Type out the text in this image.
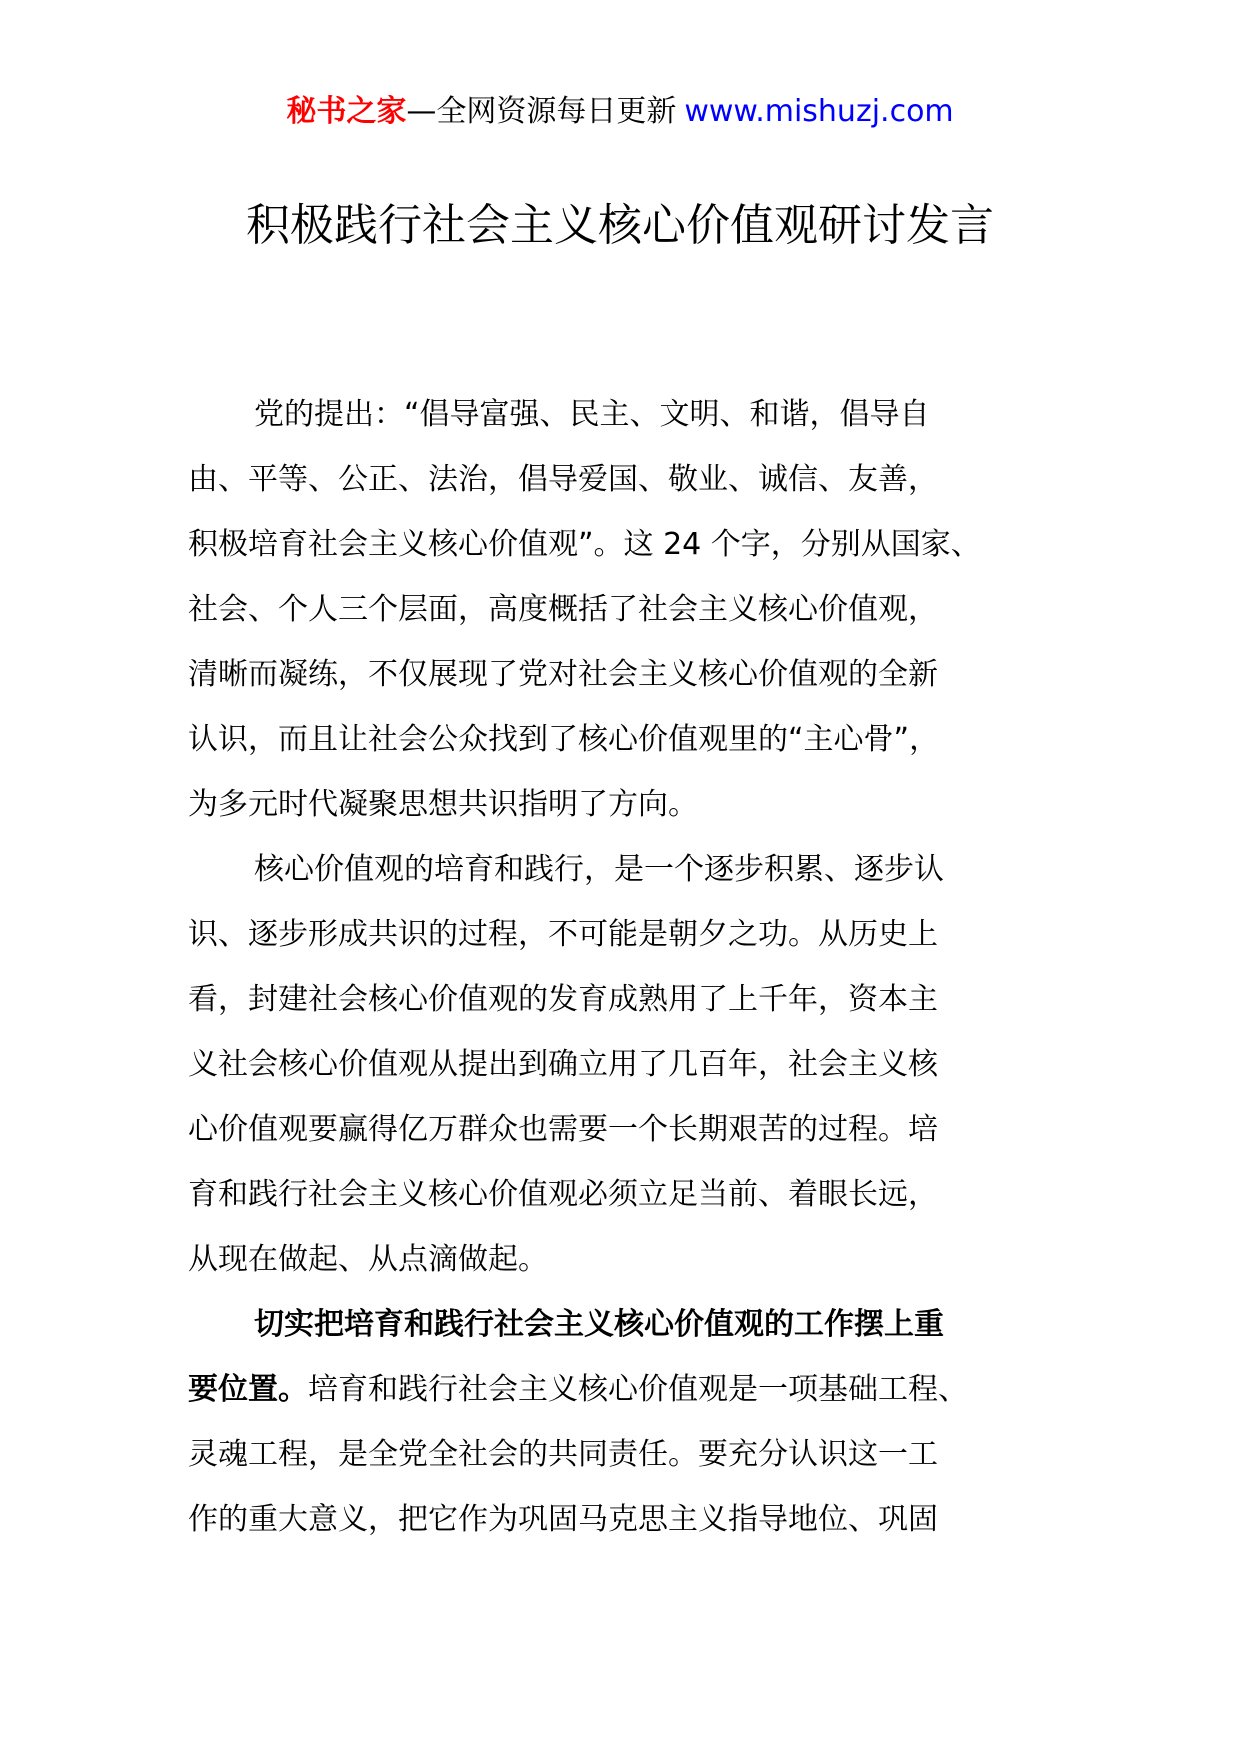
秘书之家—全网资源每日更新 www.mishuzj.com
积极践行社会主义核心价值观研讨发言

党的提出：“倡导富强、民主、文明、和谐，倡导自
由、平等、公正、法治，倡导爱国、敬业、诚信、友善，
积极培育社会主义核心价值观”。这 24 个字，分别从国家、
社会、个人三个层面，高度概括了社会主义核心价值观，
清晰而凝练，不仅展现了党对社会主义核心价值观的全新
认识，而且让社会公众找到了核心价值观里的“主心骨”，
为多元时代凝聚思想共识指明了方向。

核心价值观的培育和践行，是一个逐步积累、逐步认
识、逐步形成共识的过程，不可能是朝夕之功。从历史上
看，封建社会核心价值观的发育成熟用了上千年，资本主
义社会核心价值观从提出到确立用了几百年，社会主义核
心价值观要赢得亿万群众也需要一个长期艰苦的过程。培
育和践行社会主义核心价值观必须立足当前、着眼长远，
从现在做起、从点滴做起。

切实把培育和践行社会主义核心价值观的工作摆上重
要位置。培育和践行社会主义核心价值观是一项基础工程、
灵魂工程，是全党全社会的共同责任。要充分认识这一工
作的重大意义，把它作为巩固马克思主义指导地位、巩固
